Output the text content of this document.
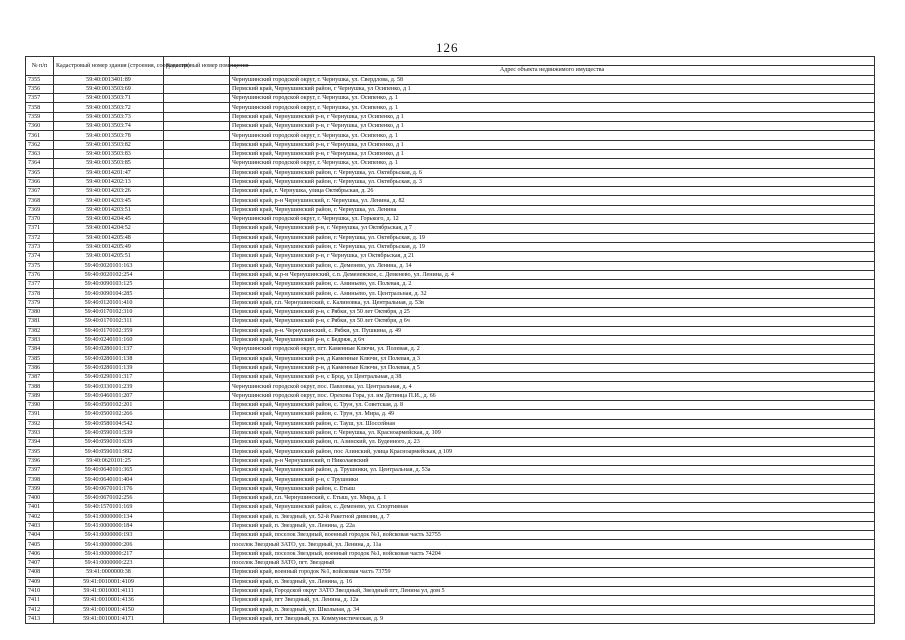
126
№ п/п	Кадастровый номер здания (строения, сооружения)	Кадастровый номер помещения	
			Адрес объекта недвижимого имущества
7355	59:40:0013401:89		Чернушинский городской округ, г. Чернушка, ул. Свердлова, д. 58
7356	59:40:0013503:69		Пермский край, Чернушинский район, г Чернушка, ул Осипенко, д 1
7357	59:40:0013503:71		Чернушинский городской округ, г. Чернушка, ул. Осипенко, д. 1
7358	59:40:0013503:72		Чернушинский городской округ, г. Чернушка, ул. Осипенко, д. 1
7359	59:40:0013503:73		Пермский край, Чернушинский р-н, г Чернушка, ул Осипенко, д 1
7360	59:40:0013503:74		Пермский край, Чернушинский р-н, г Чернушка, ул Осипенко, д 1
7361	59:40:0013503:78		Чернушинский городской округ, г. Чернушка, ул. Осипенко, д. 1
7362	59:40:0013503:82		Пермский край, Чернушинский р-н, г Чернушка, ул Осипенко, д 1
7363	59:40:0013503:83		Пермский край, Чернушинский р-н, г Чернушка, ул Осипенко, д 1
7364	59:40:0013503:85		Чернушинский городской округ, г. Чернушка, ул. Осипенко, д. 1
7365	59:40:0014201:47		Пермский край, Чернушинский район, г. Чернушка, ул. Октябрьская, д. 6
7366	59:40:0014202:13		Пермский край, Чернушинский район, г. Чернушка, ул. Октябрьская, д. 3
7367	59:40:0014203:26		Пермский край, г. Чернушка, улица Октябрьская, д. 26
7368	59:40:0014203:45		Пермский край, р-н Чернушинский, г. Чернушка, ул. Ленина, д. 82
7369	59:40:0014203:51		Пермский край, Чернушинский район, г. Чернушка, ул. Ленина
7370	59:40:0014204:45		Чернушинский городской округ, г. Чернушка, ул. Горького, д. 12
7371	59:40:0014204:52		Пермский край, Чернушинский р-н, г. Чернушка, ул Октябрьская, д 7
7372	59:40:0014205:48		Пермский край, Чернушинский район, г. Чернушка, ул. Октябрьская, д. 19
7373	59:40:0014205:49		Пермский край, Чернушинский район, г. Чернушка, ул. Октябрьская, д. 19
7374	59:40:0014205:51		Пермский край, Чернушинский р-н, г Чернушка, ул Октябрьская, д 21
7375	59:40:0020101:163		Пермский край, Чернушинский район, с. Деменево, ул. Ленина, д. 14
7376	59:40:0020102:254		Пермский край, м.р-н Чернушинский, с.п. Деменевское, с. Деменево, ул. Ленина, д. 4
7377	59:40:0090103:125		Пермский край, Чернушинский район, с. Аминьево, ул. Полевая, д. 2
7378	59:40:0090104:285		Пермский край, Чернушинский район, с. Аминьево, ул. Центральная, д. 32
7379	59:40:0120101:410		Пермский край, г.п. Чернушинский, с. Калиновка, ул. Центральная, д. 53в
7380	59:40:0170102:310		Пермский край, Чернушинский р-н, с Рябки, ул 50 лет Октября, д 25
7381	59:40:0170102:311		Пермский край, Чернушинский р-н, с Рябки, ул 50 лет Октября, д 6ч
7382	59:40:0170102:359		Пермский край, р-н. Чернушинский, с. Рябки, ул. Пушкина, д. 49
7383	59:40:0240101:160		Пермский край, Чернушинский р-н, с Бедряж, д 6ч
7384	59:40:0280101:137		Чернушинский городской округ, пгт. Каменные Ключи, ул. Полевая, д. 2
7385	59:40:0280101:138		Пермский край, Чернушинский р-н, д Каменные Ключи, ул Полевая, д 3
7386	59:40:0280101:139		Пермский край, Чернушинский р-н, д Каменные Ключи, ул Полевая, д 5
7387	59:40:0290101:317		Пермский край, Чернушинский р-н, с Брод, ул Центральная, д 38
7388	59:40:0330101:239		Чернушинский городской округ, пос. Павловка, ул. Центральная, д. 4
7389	59:40:0460101:207		Чернушинский городской округ, пос. Орехова Гора, ул. им Детинца П.И., д. 66
7390	59:40:0500102:201		Пермский край, Чернушинский район, с. Трун, ул. Советская, д. 8
7391	59:40:0500102:266		Пермский край, Чернушинский район, с. Трун, ул. Мира, д. 49
7392	59:40:0580104:542		Пермский край, Чернушинский район, с. Тауш, ул. Шоссейная
7393	59:40:0590101:539		Пермский край, Чернушинский район, г. Чернушка, ул. Красноармейская, д. 109
7394	59:40:0590101:639		Пермский край, Чернушинский район, п. Азинский, ул. Буденного, д. 23
7395	59:40:0590101:992		Пермский край, Чернушинский район, пос Азинский, улица Красноармейская, д 109
7396	59:40:0620101:25		Пермский край, р-н Чернушинский, п Николаевский
7397	59:40:0640101:365		Пермский край, Чернушинский район, д. Трушники, ул. Центральная, д. 53а
7398	59:40:0640101:404		Пермский край, Чернушинский р-н, с Трушники
7399	59:40:0670101:176		Пермский край, Чернушинский район, с. Етыш
7400	59:40:0670102:256		Пермский край, г.п. Чернушинский, с. Етыш, ул. Мира, д. 1
7401	59:40:1570101:169		Пермский край, Чернушинский район, с. Деменево, ул. Спортивная
7402	59:41:0000000:134		Пермский край, п. Звездный, ул. 52-й Ракетной дивизии, д. 7
7403	59:41:0000000:184		Пермский край, п. Звездный, ул. Ленина, д. 22а
7404	59:41:0000000:193		Пермский край, поселок Звездный, военный городок №1, войсковая часть 32755
7405	59:41:0000000:206		поселок Звездный ЗАТО, ул. Звездный, ул. Ленина, д. 11а
7406	59:41:0000000:217		Пермский край, поселок Звездный, военный городок №1, войсковая часть 74204
7407	59:41:0000000:223		поселок Звездный ЗАТО, пгт. Звездный
7408	59:41:0000000:38		Пермский край, военный городок №1, войсковая часть 73759
7409	59:41:0010001:4109		Пермский край, п. Звездный, ул. Ленина, д. 16
7410	59:41:0010001:4111		Пермский край, Городской округ ЗАТО Звездный, Звездный пгт, Ленина ул, дом 5
7411	59:41:0010001:4136		Пермский край, пгт Звездный, ул. Ленина, д. 12а
7412	59:41:0010001:4150		Пермский край, п. Звездный, ул. Школьная, д. 34
7413	59:41:0010001:4171		Пермский край, пгт Звездный, ул. Коммунистическая, д. 9
